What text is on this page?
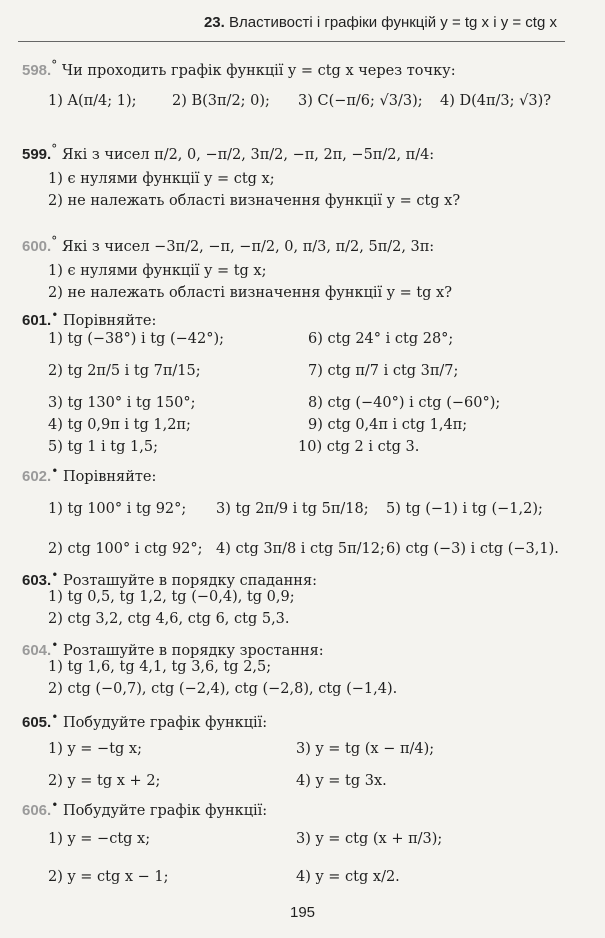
23. Властивості і графіки функцій y = tg x і y = ctg x
598.° Чи проходить графік функції y = ctg x через точку:
1) A(π/4; 1); 2) B(3π/2; 0); 3) C(−π/6; √3/3); 4) D(4π/3; √3)?
599.° Які з чисел π/2, 0, −π/2, 3π/2, −π, 2π, −5π/2, π/4:
1) є нулями функції y = ctg x;
2) не належать області визначення функції y = ctg x?
600.° Які з чисел −3π/2, −π, −π/2, 0, π/3, π/2, 5π/2, 3π:
1) є нулями функції y = tg x;
2) не належать області визначення функції y = tg x?
601.• Порівняйте:
1) tg (−38°) і tg (−42°);	6) ctg 24° і ctg 28°;
2) tg 2π/5 і tg 7π/15;	7) ctg π/7 і ctg 3π/7;
3) tg 130° і tg 150°;	8) ctg (−40°) і ctg (−60°);
4) tg 0,9π і tg 1,2π;	9) ctg 0,4π і ctg 1,4π;
5) tg 1 і tg 1,5;	10) ctg 2 і ctg 3.
602.• Порівняйте:
1) tg 100° і tg 92°; 3) tg 2π/9 і tg 5π/18; 5) tg (−1) і tg (−1,2);
2) ctg 100° і ctg 92°; 4) ctg 3π/8 і ctg 5π/12; 6) ctg (−3) і ctg (−3,1).
603.• Розташуйте в порядку спадання:
1) tg 0,5, tg 1,2, tg (−0,4), tg 0,9;
2) ctg 3,2, ctg 4,6, ctg 6, ctg 5,3.
604.• Розташуйте в порядку зростання:
1) tg 1,6, tg 4,1, tg 3,6, tg 2,5;
2) ctg (−0,7), ctg (−2,4), ctg (−2,8), ctg (−1,4).
605.• Побудуйте графік функції:
1) y = −tg x;	3) y = tg (x − π/4);
2) y = tg x + 2;	4) y = tg 3x.
606.• Побудуйте графік функції:
1) y = −ctg x;	3) y = ctg (x + π/3);
2) y = ctg x − 1;	4) y = ctg x/2.
195
